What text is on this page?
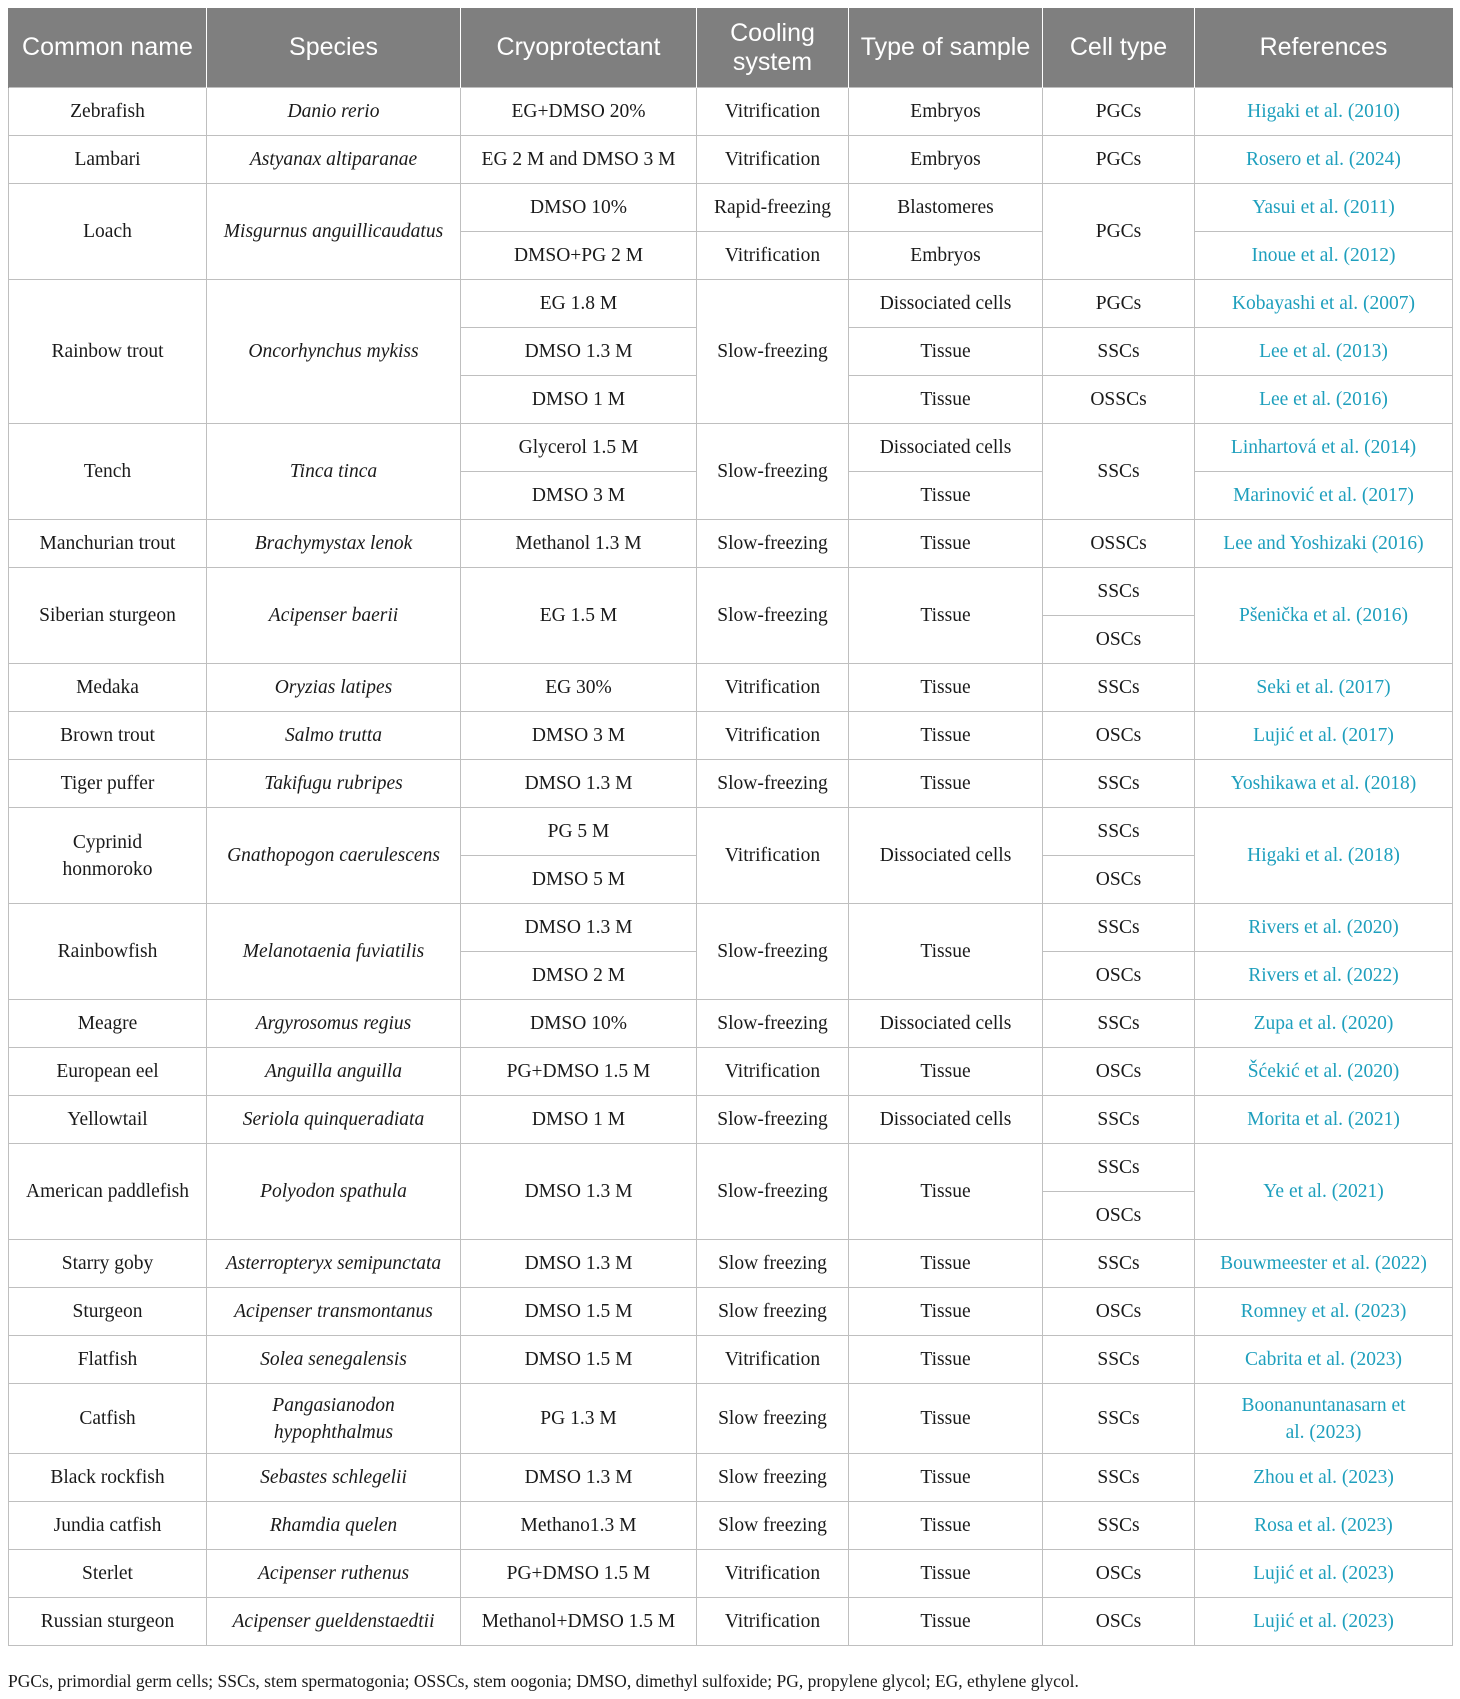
Common name	Species	Cryoprotectant	Cooling system	Type of sample	Cell type	References
Zebrafish	Danio rerio	EG+DMSO 20%	Vitrification	Embryos	PGCs	Higaki et al. (2010)
Lambari	Astyanax altiparanae	EG 2 M and DMSO 3 M	Vitrification	Embryos	PGCs	Rosero et al. (2024)
Loach	Misgurnus anguillicaudatus	DMSO 10%	Rapid-freezing	Blastomeres	PGCs	Yasui et al. (2011)
		DMSO+PG 2 M	Vitrification	Embryos		Inoue et al. (2012)
Rainbow trout	Oncorhynchus mykiss	EG 1.8 M	Slow-freezing	Dissociated cells	PGCs	Kobayashi et al. (2007)
		DMSO 1.3 M		Tissue	SSCs	Lee et al. (2013)
		DMSO 1 M		Tissue	OSSCs	Lee et al. (2016)
Tench	Tinca tinca	Glycerol 1.5 M	Slow-freezing	Dissociated cells	SSCs	Linhartová et al. (2014)
		DMSO 3 M		Tissue		Marinović et al. (2017)
Manchurian trout	Brachymystax lenok	Methanol 1.3 M	Slow-freezing	Tissue	OSSCs	Lee and Yoshizaki (2016)
Siberian sturgeon	Acipenser baerii	EG 1.5 M	Slow-freezing	Tissue	SSCs	Pšenička et al. (2016)
					OSCs	
Medaka	Oryzias latipes	EG 30%	Vitrification	Tissue	SSCs	Seki et al. (2017)
Brown trout	Salmo trutta	DMSO 3 M	Vitrification	Tissue	OSCs	Lujić et al. (2017)
Tiger puffer	Takifugu rubripes	DMSO 1.3 M	Slow-freezing	Tissue	SSCs	Yoshikawa et al. (2018)
Cyprinid honmoroko	Gnathopogon caerulescens	PG 5 M	Vitrification	Dissociated cells	SSCs	Higaki et al. (2018)
		DMSO 5 M			OSCs	
Rainbowfish	Melanotaenia fuviatilis	DMSO 1.3 M	Slow-freezing	Tissue	SSCs	Rivers et al. (2020)
		DMSO 2 M			OSCs	Rivers et al. (2022)
Meagre	Argyrosomus regius	DMSO 10%	Slow-freezing	Dissociated cells	SSCs	Zupa et al. (2020)
European eel	Anguilla anguilla	PG+DMSO 1.5 M	Vitrification	Tissue	OSCs	Šćekić et al. (2020)
Yellowtail	Seriola quinqueradiata	DMSO 1 M	Slow-freezing	Dissociated cells	SSCs	Morita et al. (2021)
American paddlefish	Polyodon spathula	DMSO 1.3 M	Slow-freezing	Tissue	SSCs	Ye et al. (2021)
					OSCs	
Starry goby	Asterropteryx semipunctata	DMSO 1.3 M	Slow freezing	Tissue	SSCs	Bouwmeester et al. (2022)
Sturgeon	Acipenser transmontanus	DMSO 1.5 M	Slow freezing	Tissue	OSCs	Romney et al. (2023)
Flatfish	Solea senegalensis	DMSO 1.5 M	Vitrification	Tissue	SSCs	Cabrita et al. (2023)
Catfish	Pangasianodon hypophthalmus	PG 1.3 M	Slow freezing	Tissue	SSCs	Boonanuntanasarn et al. (2023)
Black rockfish	Sebastes schlegelii	DMSO 1.3 M	Slow freezing	Tissue	SSCs	Zhou et al. (2023)
Jundia catfish	Rhamdia quelen	Methano1.3 M	Slow freezing	Tissue	SSCs	Rosa et al. (2023)
Sterlet	Acipenser ruthenus	PG+DMSO 1.5 M	Vitrification	Tissue	OSCs	Lujić et al. (2023)
Russian sturgeon	Acipenser gueldenstaedtii	Methanol+DMSO 1.5 M	Vitrification	Tissue	OSCs	Lujić et al. (2023)
PGCs, primordial germ cells; SSCs, stem spermatogonia; OSSCs, stem oogonia; DMSO, dimethyl sulfoxide; PG, propylene glycol; EG, ethylene glycol.
